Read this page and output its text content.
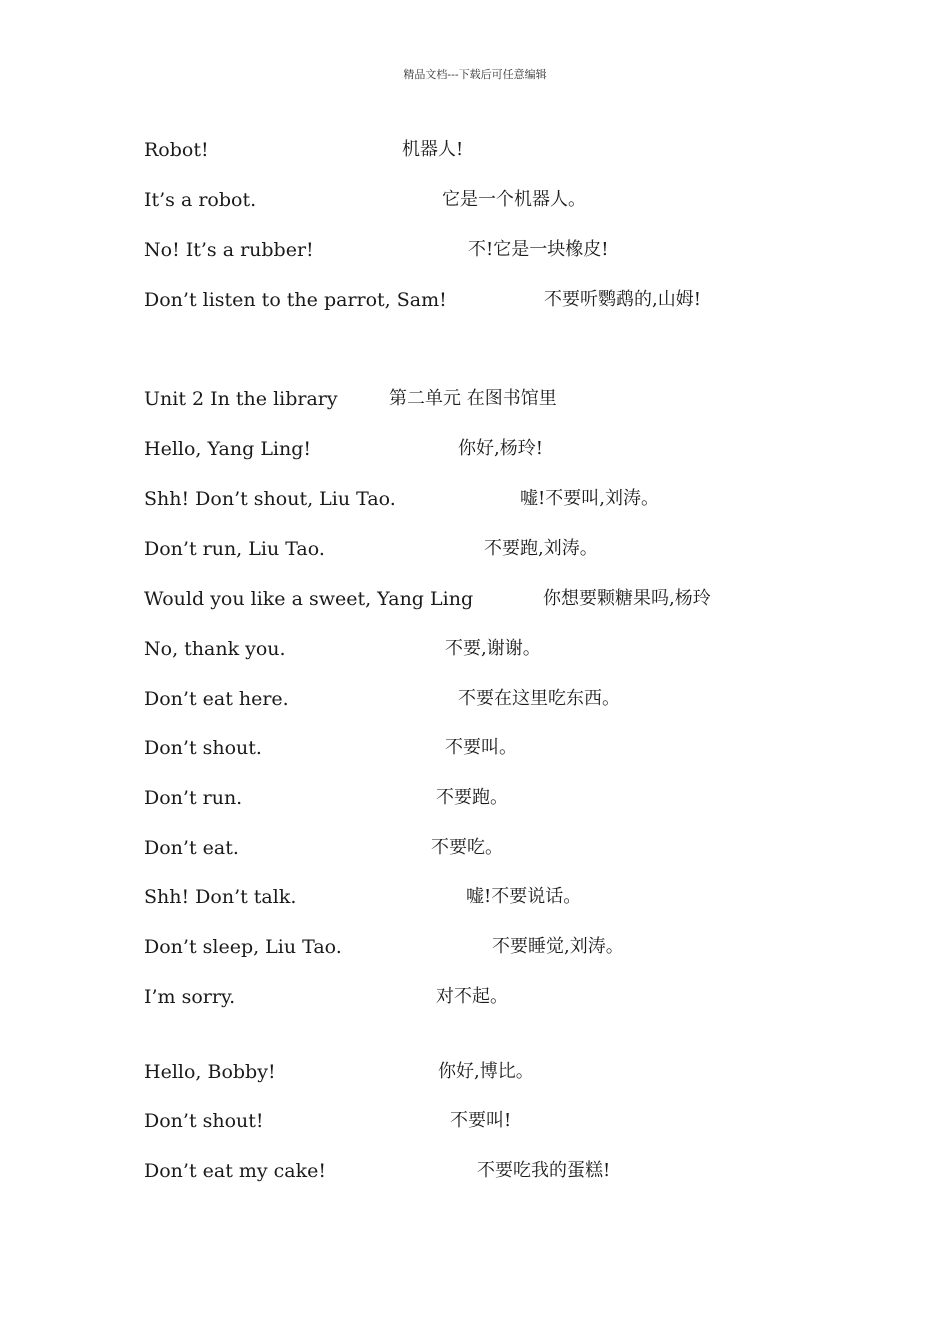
精品文档---下载后可任意编辑
Robot!	机器人!
It’s a robot.	它是一个机器人。
No! It’s a rubber!	不!它是一块橡皮!
Don’t listen to the parrot, Sam!	不要听鹦鹉的,山姆!
Unit 2 In the library	第二单元 在图书馆里
Hello, Yang Ling!	你好,杨玲!
Shh! Don’t shout, Liu Tao.	嘘!不要叫,刘涛。
Don’t run, Liu Tao.	不要跑,刘涛。
Would you like a sweet, Yang Ling	你想要颗糖果吗,杨玲
No, thank you.	不要,谢谢。
Don’t eat here.	不要在这里吃东西。
Don’t shout.	不要叫。
Don’t run.	不要跑。
Don’t eat.	不要吃。
Shh! Don’t talk.	嘘!不要说话。
Don’t sleep, Liu Tao.	不要睡觉,刘涛。
I’m sorry.	对不起。
Hello, Bobby!	你好,博比。
Don’t shout!	不要叫!
Don’t eat my cake!	不要吃我的蛋糕!
